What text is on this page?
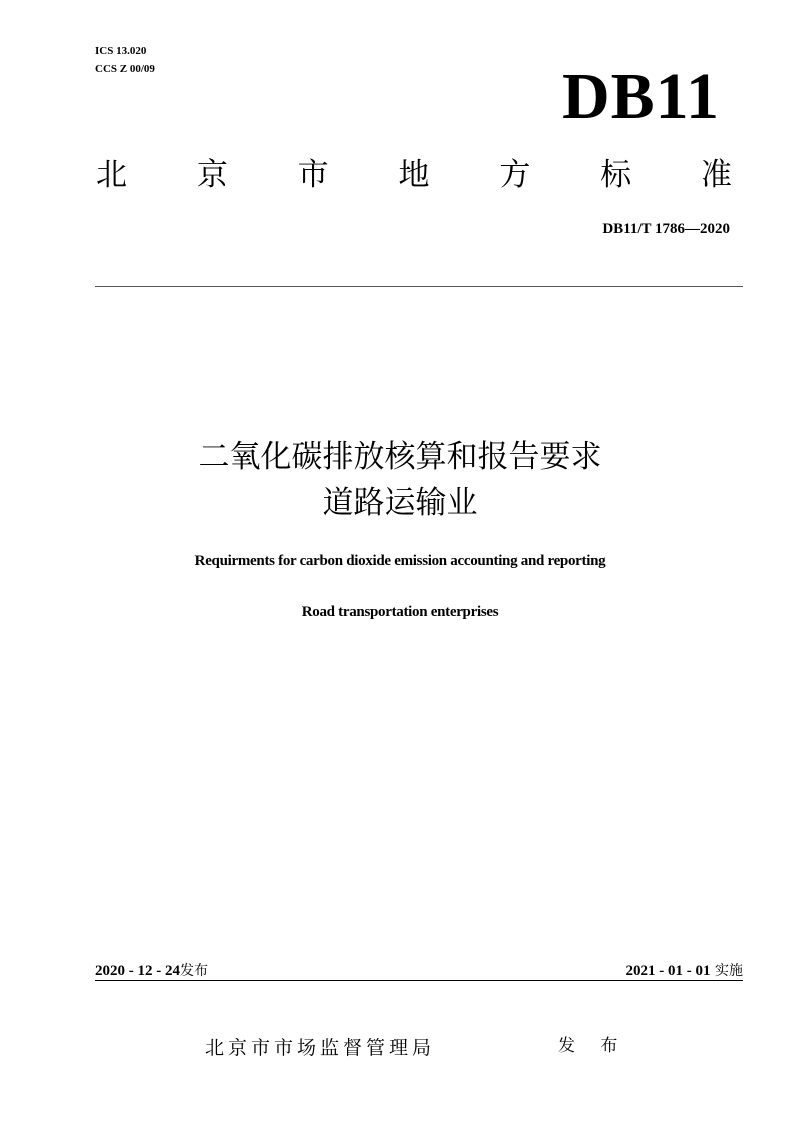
ICS 13.020
CCS Z 00/09	DB11
北 京 市 地 方 标 准
DB11/T 1786—2020
二氧化碳排放核算和报告要求
道路运输业
Requirments for carbon dioxide emission accounting and reporting
Road transportation enterprises
2020 - 12 - 24发布	2021 - 01 - 01 实施
北京市市场监督管理局	发 布
